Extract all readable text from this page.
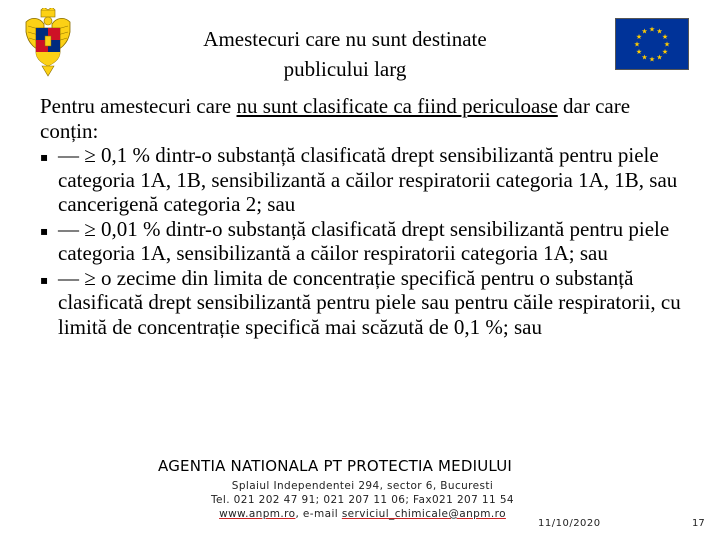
Amestecuri care nu sunt destinate
publicului larg
★
★
★
★
★
★
★
★
★ ★ ★
★

Pentru amestecuri care nu sunt clasificate ca fiind periculoase dar care conțin:

▪ — ≥ 0,1 % dintr-o substanță clasificată drept sensibilizantă pentru piele categoria 1A, 1B, sensibilizantă a căilor respiratorii categoria 1A, 1B, sau cancerigenă categoria 2; sau
▪ — ≥ 0,01 % dintr-o substanță clasificată drept sensibilizantă pentru piele categoria 1A, sensibilizantă a căilor respiratorii categoria 1A; sau
▪ — ≥ o zecime din limita de concentrație specifică pentru o substanță clasificată drept sensibilizantă pentru piele sau pentru căile respiratorii, cu limită de concentrație specifică mai scăzută de 0,1 %; sau
AGENTIA NATIONALA PT PROTECTIA MEDIULUI
Splaiul Independentei 294, sector 6, Bucuresti
Tel. 021 202 47 91; 021 207 11 06; Fax021 207 11 54
www.anpm.ro, e-mail serviciul_chimicale@anpm.ro
11/10/2020	17
